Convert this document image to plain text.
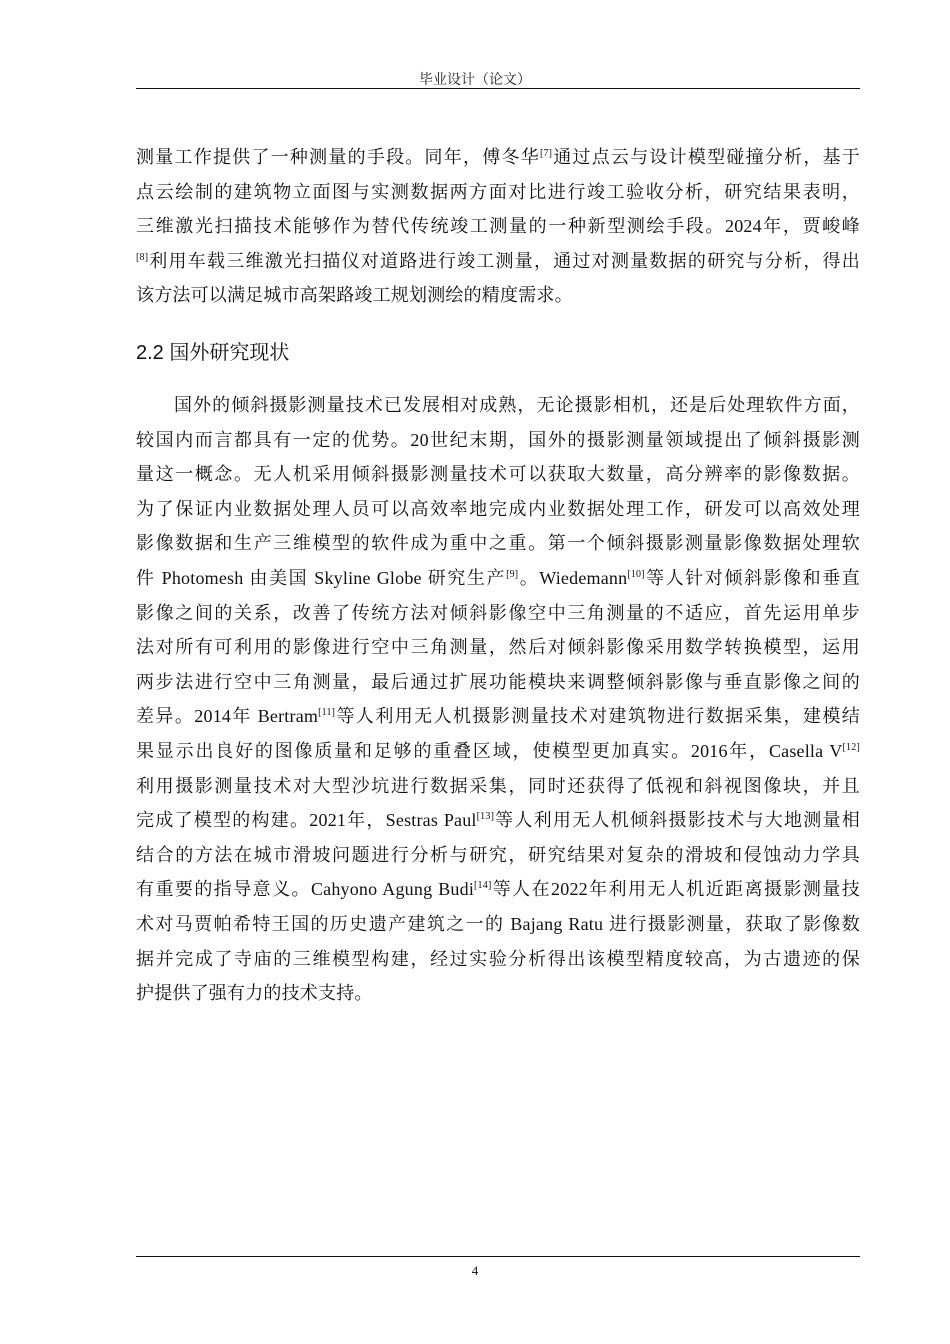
毕业设计（论文）
测量工作提供了一种测量的手段。同年，傅冬华[7]通过点云与设计模型碰撞分析，基于
点云绘制的建筑物立面图与实测数据两方面对比进行竣工验收分析，研究结果表明，
三维激光扫描技术能够作为替代传统竣工测量的一种新型测绘手段。2024年，贾峻峰
[8]利用车载三维激光扫描仪对道路进行竣工测量，通过对测量数据的研究与分析，得出
该方法可以满足城市高架路竣工规划测绘的精度需求。
2.2 国外研究现状
国外的倾斜摄影测量技术已发展相对成熟，无论摄影相机，还是后处理软件方面，
较国内而言都具有一定的优势。20世纪末期，国外的摄影测量领域提出了倾斜摄影测
量这一概念。无人机采用倾斜摄影测量技术可以获取大数量，高分辨率的影像数据。
为了保证内业数据处理人员可以高效率地完成内业数据处理工作，研发可以高效处理
影像数据和生产三维模型的软件成为重中之重。第一个倾斜摄影测量影像数据处理软
件 Photomesh 由美国 Skyline Globe 研究生产[9]。Wiedemann[10]等人针对倾斜影像和垂直
影像之间的关系，改善了传统方法对倾斜影像空中三角测量的不适应，首先运用单步
法对所有可利用的影像进行空中三角测量，然后对倾斜影像采用数学转换模型，运用
两步法进行空中三角测量，最后通过扩展功能模块来调整倾斜影像与垂直影像之间的
差异。2014年 Bertram[11]等人利用无人机摄影测量技术对建筑物进行数据采集，建模结
果显示出良好的图像质量和足够的重叠区域，使模型更加真实。2016年，Casella V[12]
利用摄影测量技术对大型沙坑进行数据采集，同时还获得了低视和斜视图像块，并且
完成了模型的构建。2021年，Sestras Paul[13]等人利用无人机倾斜摄影技术与大地测量相
结合的方法在城市滑坡问题进行分析与研究，研究结果对复杂的滑坡和侵蚀动力学具
有重要的指导意义。Cahyono Agung Budi[14]等人在2022年利用无人机近距离摄影测量技
术对马贾帕希特王国的历史遗产建筑之一的 Bajang Ratu 进行摄影测量，获取了影像数
据并完成了寺庙的三维模型构建，经过实验分析得出该模型精度较高，为古遗迹的保
护提供了强有力的技术支持。
4
